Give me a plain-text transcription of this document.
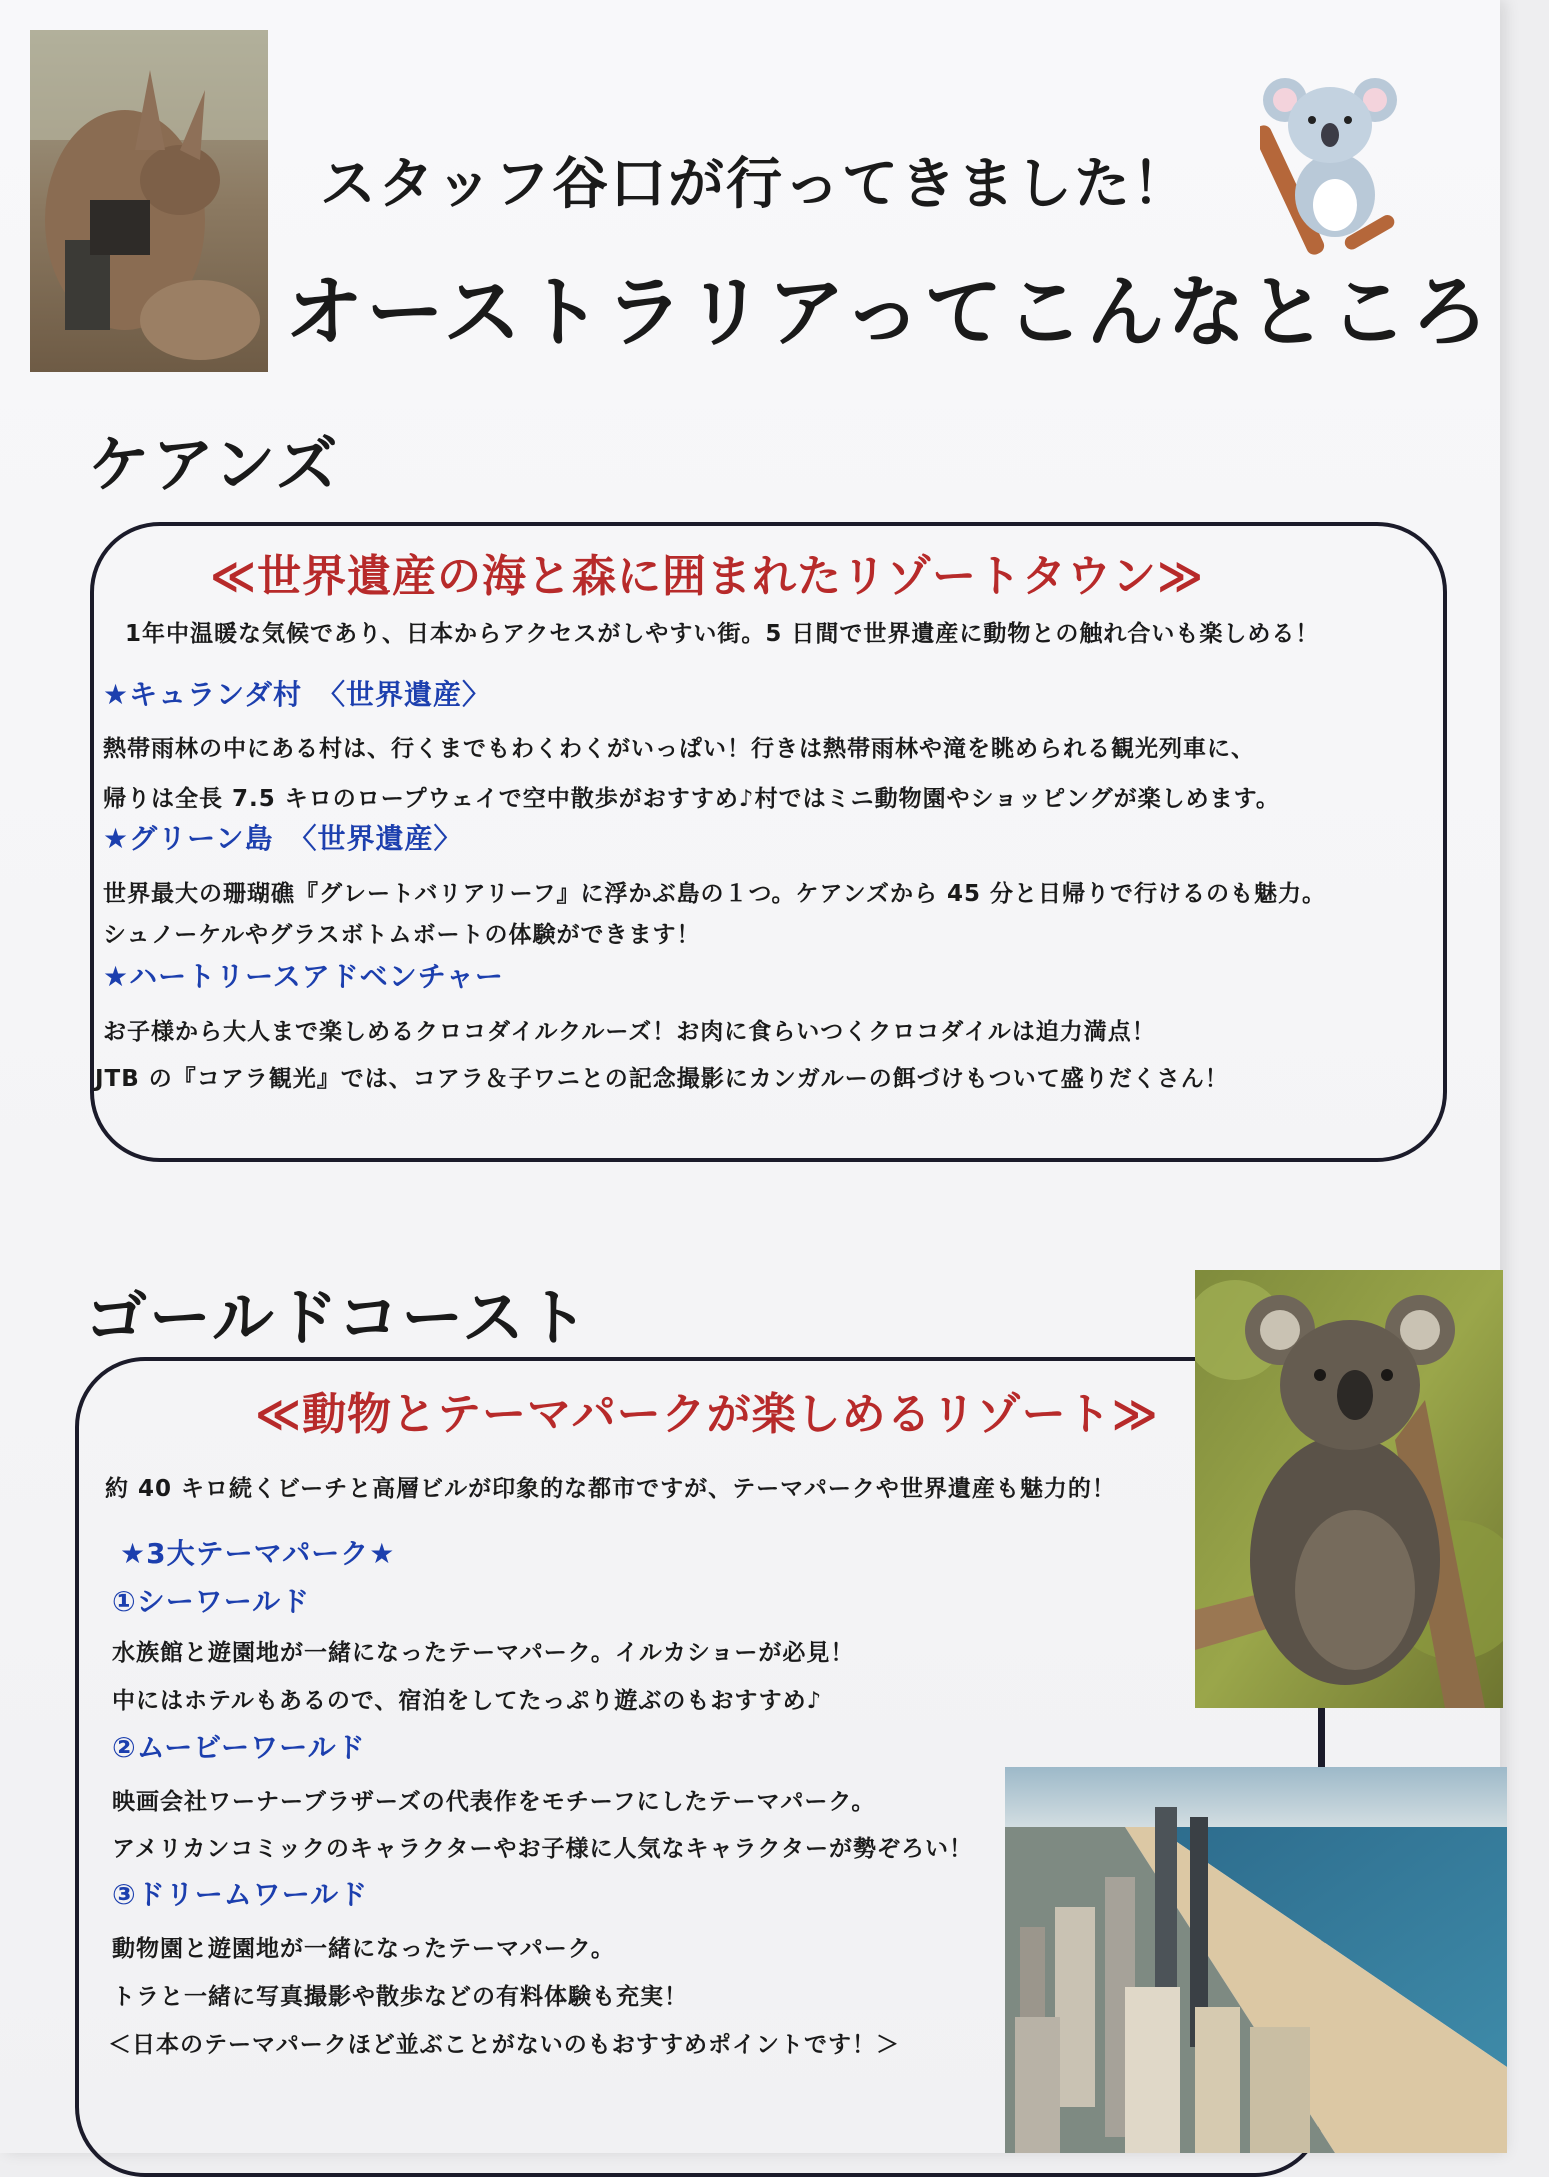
スタッフ谷口が行ってきました！
オーストラリアってこんなところ
ケアンズ
≪世界遺産の海と森に囲まれたリゾートタウン≫
1年中温暖な気候であり、日本からアクセスがしやすい街。5 日間で世界遺産に動物との触れ合いも楽しめる！
★キュランダ村　〈世界遺産〉
熱帯雨林の中にある村は、行くまでもわくわくがいっぱい！行きは熱帯雨林や滝を眺められる観光列車に、
帰りは全長 7.5 キロのロープウェイで空中散歩がおすすめ♪村ではミニ動物園やショッピングが楽しめます。
★グリーン島　〈世界遺産〉
世界最大の珊瑚礁『グレートバリアリーフ』に浮かぶ島の１つ。ケアンズから 45 分と日帰りで行けるのも魅力。
シュノーケルやグラスボトムボートの体験ができます！
★ハートリースアドベンチャー
お子様から大人まで楽しめるクロコダイルクルーズ！お肉に食らいつくクロコダイルは迫力満点！
JTB の『コアラ観光』では、コアラ＆子ワニとの記念撮影にカンガルーの餌づけもついて盛りだくさん！
ゴールドコースト
≪動物とテーマパークが楽しめるリゾート≫
約 40 キロ続くビーチと高層ビルが印象的な都市ですが、テーマパークや世界遺産も魅力的！
★3大テーマパーク★
①シーワールド
水族館と遊園地が一緒になったテーマパーク。イルカショーが必見！
中にはホテルもあるので、宿泊をしてたっぷり遊ぶのもおすすめ♪
②ムービーワールド
映画会社ワーナーブラザーズの代表作をモチーフにしたテーマパーク。
アメリカンコミックのキャラクターやお子様に人気なキャラクターが勢ぞろい！
③ドリームワールド
動物園と遊園地が一緒になったテーマパーク。
トラと一緒に写真撮影や散歩などの有料体験も充実！
＜日本のテーマパークほど並ぶことがないのもおすすめポイントです！＞
